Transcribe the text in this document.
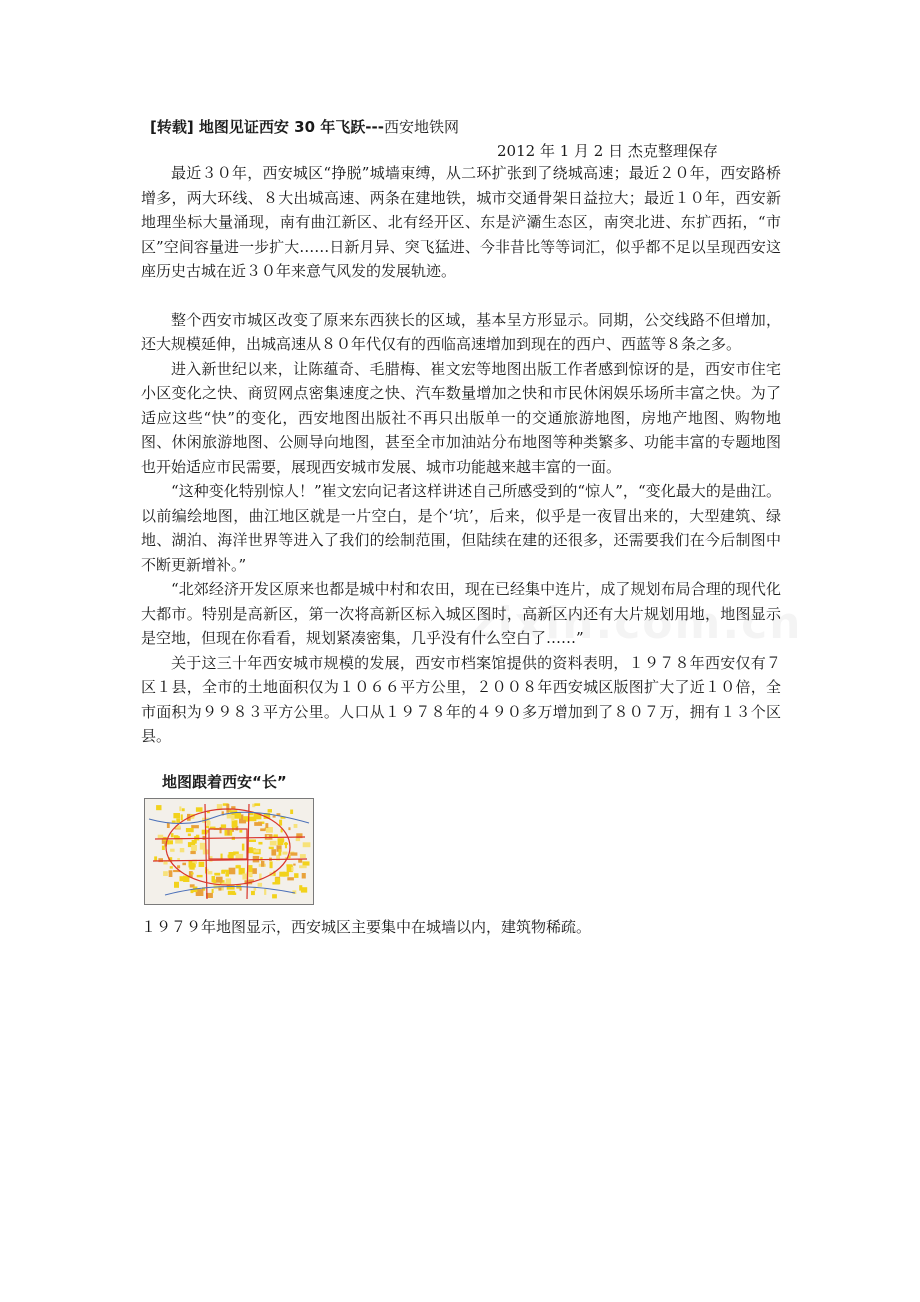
[转载] 地图见证西安 30 年飞跃---西安地铁网
2012 年 1 月 2 日 杰克整理保存

最近３０年，西安城区“挣脱”城墙束缚，从二环扩张到了绕城高速；最近２０年，西安路桥增多，两大环线、８大出城高速、两条在建地铁，城市交通骨架日益拉大；最近１０年，西安新地理坐标大量涌现，南有曲江新区、北有经开区、东是浐灞生态区，南突北进、东扩西拓，“市区”空间容量进一步扩大……日新月异、突飞猛进、今非昔比等等词汇，似乎都不足以呈现西安这座历史古城在近３０年来意气风发的发展轨迹。

整个西安市城区改变了原来东西狭长的区域，基本呈方形显示。同期，公交线路不但增加，还大规模延伸，出城高速从８０年代仅有的西临高速增加到现在的西户、西蓝等８条之多。

进入新世纪以来，让陈蕴奇、毛腊梅、崔文宏等地图出版工作者感到惊讶的是，西安市住宅小区变化之快、商贸网点密集速度之快、汽车数量增加之快和市民休闲娱乐场所丰富之快。为了适应这些“快”的变化，西安地图出版社不再只出版单一的交通旅游地图，房地产地图、购物地图、休闲旅游地图、公厕导向地图，甚至全市加油站分布地图等种类繁多、功能丰富的专题地图也开始适应市民需要，展现西安城市发展、城市功能越来越丰富的一面。

“这种变化特别惊人！”崔文宏向记者这样讲述自己所感受到的“惊人”，“变化最大的是曲江。以前编绘地图，曲江地区就是一片空白，是个‘坑’，后来，似乎是一夜冒出来的，大型建筑、绿地、湖泊、海洋世界等进入了我们的绘制范围，但陆续在建的还很多，还需要我们在今后制图中不断更新增补。”

“北郊经济开发区原来也都是城中村和农田，现在已经集中连片，成了规划布局合理的现代化大都市。特别是高新区，第一次将高新区标入城区图时，高新区内还有大片规划用地，地图显示是空地，但现在你看看，规划紧凑密集，几乎没有什么空白了……”

关于这三十年西安城市规模的发展，西安市档案馆提供的资料表明，１９７８年西安仅有７区１县，全市的土地面积仅为１０６６平方公里，２００８年西安城区版图扩大了近１０倍，全市面积为９９８３平方公里。人口从１９７８年的４９０多万增加到了８０７万，拥有１３个区县。

地图跟着西安“长”
１９７９年地图显示，西安城区主要集中在城墙以内，建筑物稀疏。
